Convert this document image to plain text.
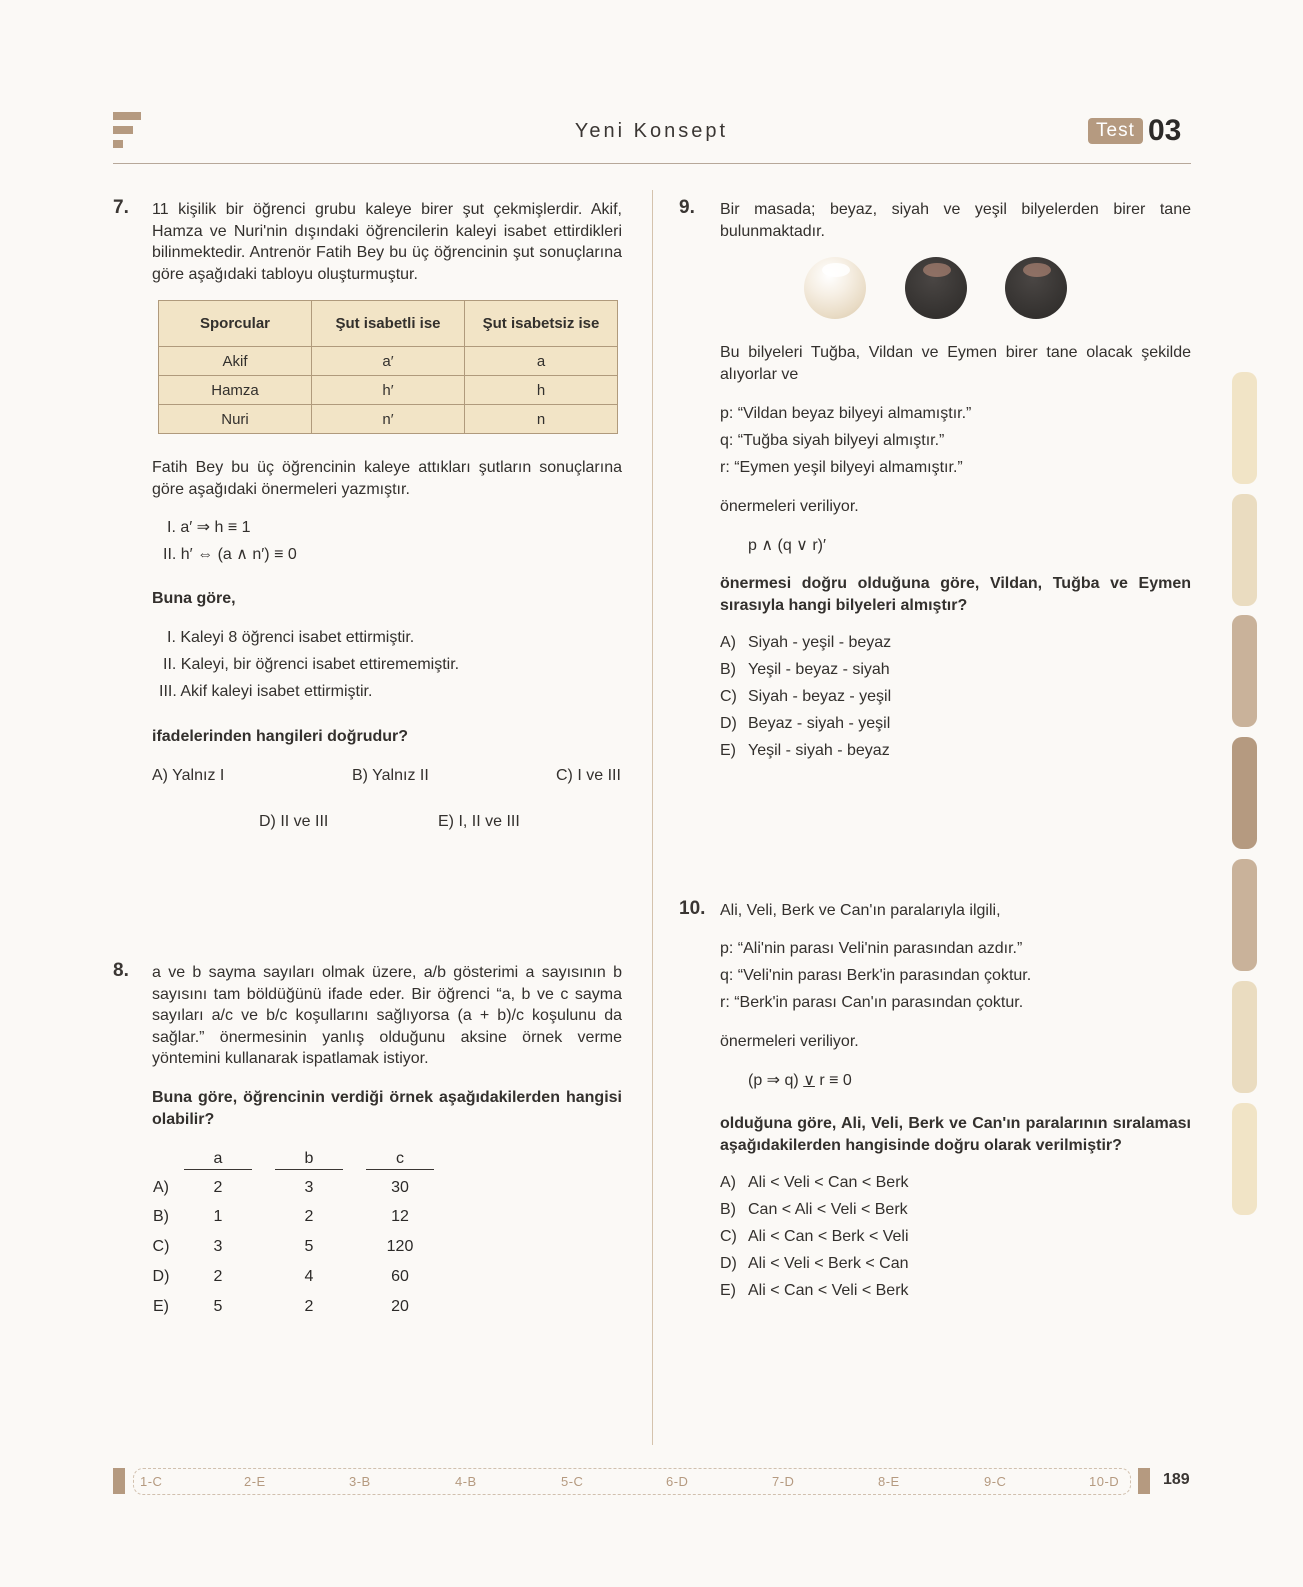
Yeni Konsept	Test 03
7. 11 kişilik bir öğrenci grubu kaleye birer şut çekmişlerdir. Akif, Hamza ve Nuri'nin dışındaki öğrencilerin kaleyi isabet ettirdikleri bilinmektedir. Antrenör Fatih Bey bu üç öğrencinin şut sonuçlarına göre aşağıdaki tabloyu oluşturmuştur.
Sporcular	Şut isabetli ise	Şut isabetsiz ise
Akif	a′	a
Hamza	h′	h
Nuri	n′	n
Fatih Bey bu üç öğrencinin kaleye attıkları şutların sonuçlarına göre aşağıdaki önermeleri yazmıştır.
I. a′ ⇒ h ≡ 1
II. h′ ⇔ (a ∧ n′) ≡ 0
Buna göre,
I. Kaleyi 8 öğrenci isabet ettirmiştir.
II. Kaleyi, bir öğrenci isabet ettirememiştir.
III. Akif kaleyi isabet ettirmiştir.
ifadelerinden hangileri doğrudur?
A) Yalnız I	B) Yalnız II	C) I ve III
D) II ve III	E) I, II ve III
8. a ve b sayma sayıları olmak üzere, a/b gösterimi a sayısının b sayısını tam böldüğünü ifade eder. Bir öğrenci “a, b ve c sayma sayıları a/c ve b/c koşullarını sağlıyorsa (a + b)/c koşulunu da sağlar.” önermesinin yanlış olduğunu aksine örnek verme yöntemini kullanarak ispatlamak istiyor.
Buna göre, öğrencinin verdiği örnek aşağıdakilerden hangisi olabilir?
a	b	c
A)	2	3	30
B)	1	2	12
C)	3	5	120
D)	2	4	60
E)	5	2	20
9. Bir masada; beyaz, siyah ve yeşil bilyelerden birer tane bulunmaktadır.
Bu bilyeleri Tuğba, Vildan ve Eymen birer tane olacak şekilde alıyorlar ve
p: “Vildan beyaz bilyeyi almamıştır.”
q: “Tuğba siyah bilyeyi almıştır.”
r: “Eymen yeşil bilyeyi almamıştır.”
önermeleri veriliyor.
p ∧ (q ∨ r)′
önermesi doğru olduğuna göre, Vildan, Tuğba ve Eymen sırasıyla hangi bilyeleri almıştır?
A) Siyah - yeşil - beyaz
B) Yeşil - beyaz - siyah
C) Siyah - beyaz - yeşil
D) Beyaz - siyah - yeşil
E) Yeşil - siyah - beyaz
10. Ali, Veli, Berk ve Can'ın paralarıyla ilgili,
p: “Ali'nin parası Veli'nin parasından azdır.”
q: “Veli'nin parası Berk'in parasından çoktur.
r: “Berk'in parası Can'ın parasından çoktur.
önermeleri veriliyor.
(p ⇒ q) ∨ r ≡ 0
olduğuna göre, Ali, Veli, Berk ve Can'ın paralarının sıralaması aşağıdakilerden hangisinde doğru olarak verilmiştir?
A) Ali < Veli < Can < Berk
B) Can < Ali < Veli < Berk
C) Ali < Can < Berk < Veli
D) Ali < Veli < Berk < Can
E) Ali < Can < Veli < Berk
1-C	2-E	3-B	4-B	5-C	6-D	7-D	8-E	9-C	10-D	189
